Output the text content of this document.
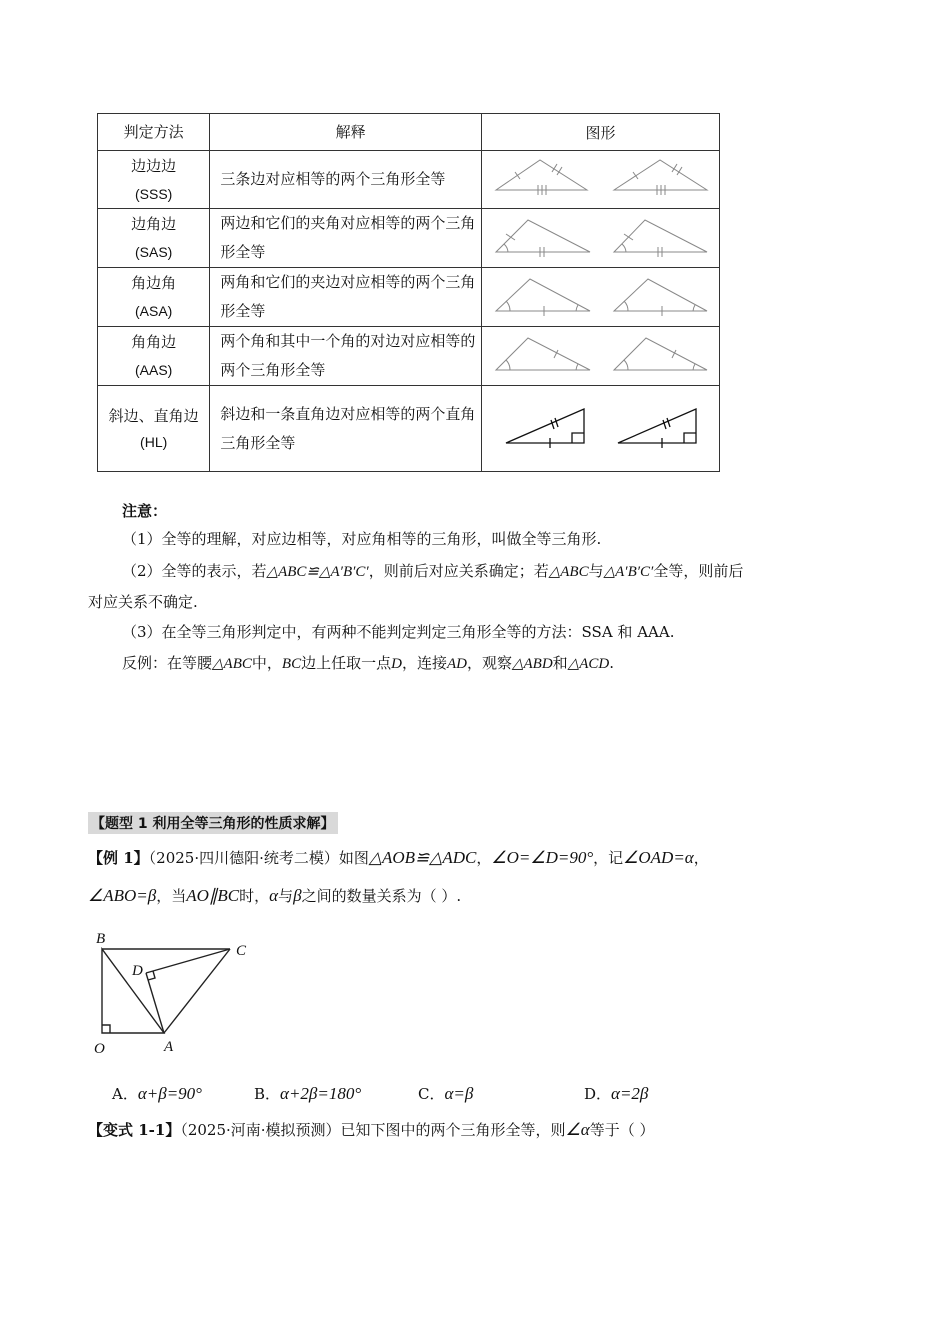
判定方法	解释	图形

边边边
(SSS)	三条边对应相等的两个三角形全等	

边角边
(SAS)	两边和它们的夹角对应相等的两个三角形全等	

角边角
(ASA)	两角和它们的夹边对应相等的两个三角形全等	

角角边
(AAS)	两个角和其中一个角的对边对应相等的两个三角形全等	

斜边、直角边
(HL)	斜边和一条直角边对应相等的两个直角三角形全等	
注意：
（1）全等的理解，对应边相等，对应角相等的三角形，叫做全等三角形.
（2）全等的表示，若△ABC≌△A′B′C′，则前后对应关系确定；若△ABC与△A′B′C′全等，则前后
对应关系不确定.
（3）在全等三角形判定中，有两种不能判定判定三角形全等的方法：SSA 和 AAA.
反例：在等腰△ABC中，BC边上任取一点D，连接AD，观察△ABD和△ACD.
【题型 1 利用全等三角形的性质求解】
【例 1】（2025·四川德阳·统考二模）如图△AOB≌△ADC，∠O=∠D=90°，记∠OAD=α，
∠ABO=β，当AO∥BC时，α与β之间的数量关系为（ ）.
B
C
D
O	A
A．α+β=90°	B．α+2β=180°	C．α=β	D．α=2β
【变式 1-1】（2025·河南·模拟预测）已知下图中的两个三角形全等，则∠α等于（ ）
